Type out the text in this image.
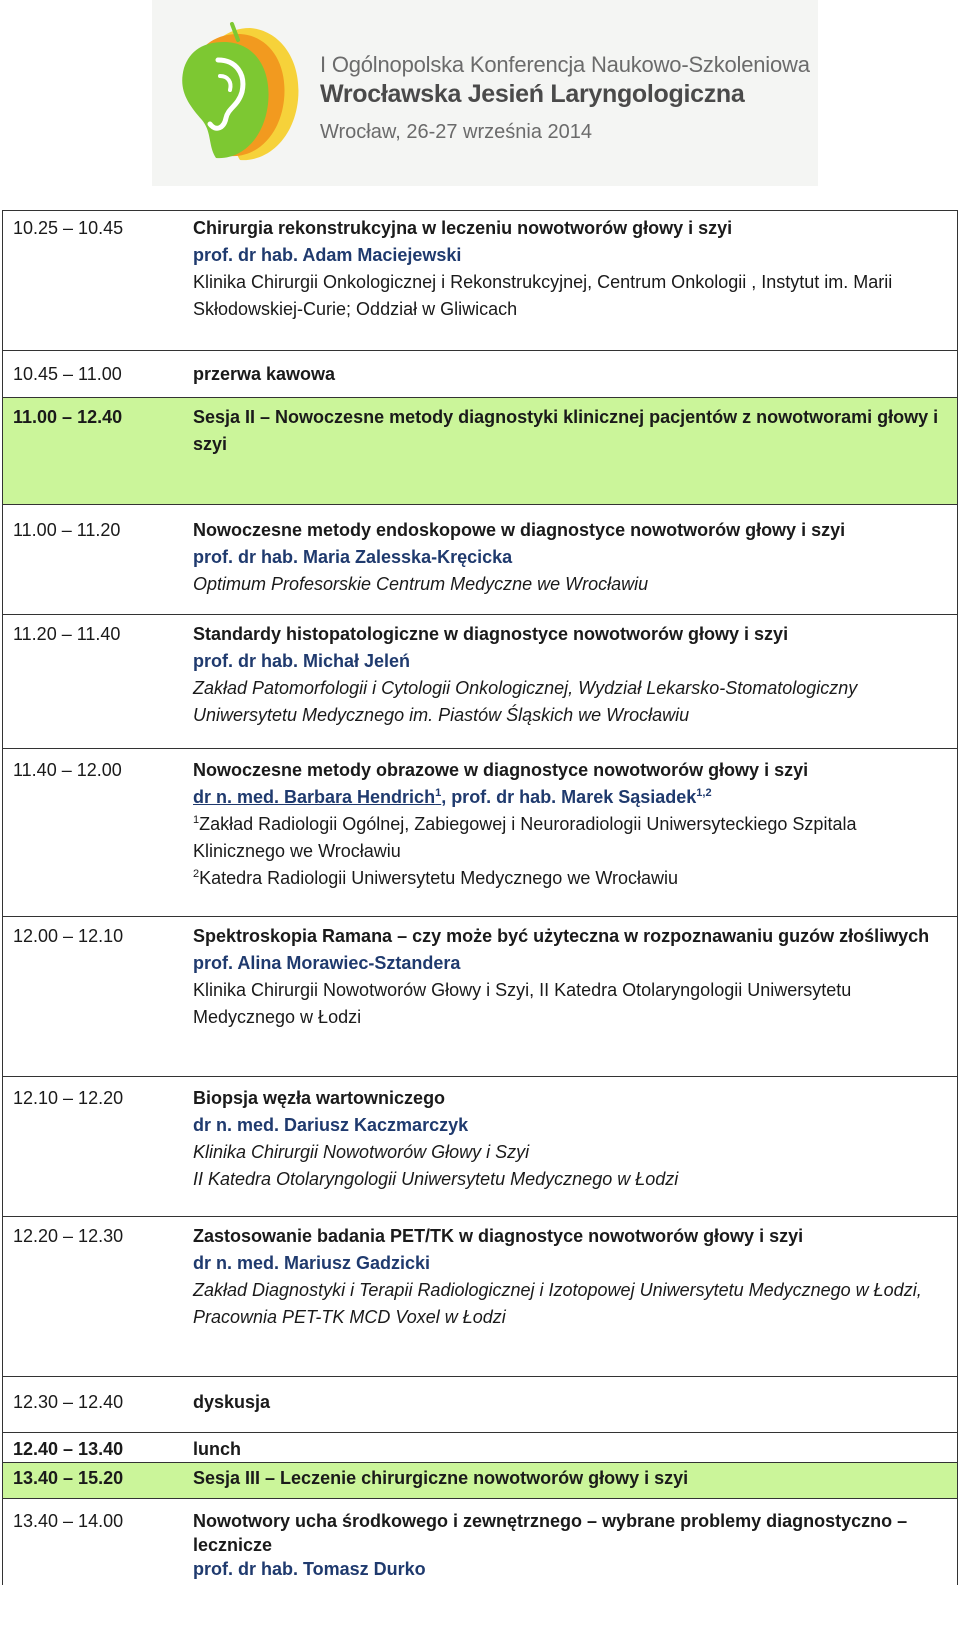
I Ogólnopolska Konferencja Naukowo-Szkoleniowa
Wrocławska Jesień Laryngologiczna
Wrocław, 26-27 września 2014
10.25 – 10.45	Chirurgia rekonstrukcyjna w leczeniu nowotworów głowy i szyi
prof. dr hab. Adam Maciejewski
Klinika Chirurgii Onkologicznej i Rekonstrukcyjnej, Centrum Onkologii , Instytut im. Marii Skłodowskiej-Curie; Oddział w Gliwicach
10.45 – 11.00	przerwa kawowa
11.00 – 12.40	Sesja II – Nowoczesne metody diagnostyki klinicznej pacjentów z nowotworami głowy i szyi
11.00 – 11.20	Nowoczesne metody endoskopowe w diagnostyce nowotworów głowy i szyi
prof. dr hab. Maria Zalesska-Kręcicka
Optimum Profesorskie Centrum Medyczne we Wrocławiu
11.20 – 11.40	Standardy histopatologiczne w diagnostyce nowotworów głowy i szyi
prof. dr hab. Michał Jeleń
Zakład Patomorfologii i Cytologii Onkologicznej, Wydział Lekarsko-Stomatologiczny Uniwersytetu Medycznego im. Piastów Śląskich we Wrocławiu
11.40 – 12.00	Nowoczesne metody obrazowe w diagnostyce nowotworów głowy i szyi
dr n. med. Barbara Hendrich$^1$, prof. dr hab. Marek Sąsiadek$^{1,2}$
$^1$Zakład Radiologii Ogólnej, Zabiegowej i Neuroradiologii Uniwersyteckiego Szpitala Klinicznego we Wrocławiu
$^2$Katedra Radiologii Uniwersytetu Medycznego we Wrocławiu
12.00 – 12.10	Spektroskopia Ramana – czy może być użyteczna w rozpoznawaniu guzów złośliwych
prof. Alina Morawiec-Sztandera
Klinika Chirurgii Nowotworów Głowy i Szyi, II Katedra Otolaryngologii Uniwersytetu Medycznego w Łodzi
12.10 – 12.20	Biopsja węzła wartowniczego
dr n. med. Dariusz Kaczmarczyk
Klinika Chirurgii Nowotworów Głowy i Szyi
II Katedra Otolaryngologii Uniwersytetu Medycznego w Łodzi
12.20 – 12.30	Zastosowanie badania PET/TK w diagnostyce nowotworów głowy i szyi
dr n. med. Mariusz Gadzicki
Zakład Diagnostyki i Terapii Radiologicznej i Izotopowej Uniwersytetu Medycznego w Łodzi,
Pracownia PET-TK MCD Voxel w Łodzi
12.30 – 12.40	dyskusja
12.40 – 13.40	lunch
13.40 – 15.20	Sesja III – Leczenie chirurgiczne nowotworów głowy i szyi
13.40 – 14.00	Nowotwory ucha środkowego i zewnętrznego – wybrane problemy diagnostyczno – lecznicze
prof. dr hab. Tomasz Durko
